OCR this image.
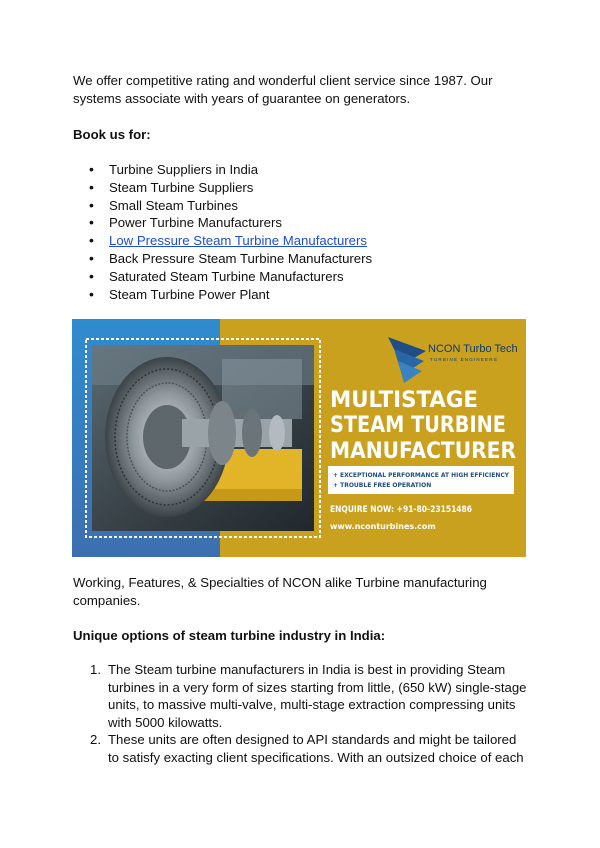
We offer competitive rating and wonderful client service since 1987. Our systems associate with years of guarantee on generators.

Book us for:

• Turbine Suppliers in India
• Steam Turbine Suppliers
• Small Steam Turbines
• Power Turbine Manufacturers
• Low Pressure Steam Turbine Manufacturers
• Back Pressure Steam Turbine Manufacturers
• Saturated Steam Turbine Manufacturers
• Steam Turbine Power Plant
NCON Turbo Tech
TURBINE ENGINEERS
MULTISTAGE
STEAM TURBINE
MANUFACTURER
+ EXCEPTIONAL PERFORMANCE AT HIGH EFFICIENCY
+ TROUBLE FREE OPERATION
ENQUIRE NOW: +91-80-23151486
www.nconturbines.com

Working, Features, & Specialties of NCON alike Turbine manufacturing companies.

Unique options of steam turbine industry in India:

1. The Steam turbine manufacturers in India is best in providing Steam turbines in a very form of sizes starting from little, (650 kW) single-stage units, to massive multi-valve, multi-stage extraction compressing units with 5000 kilowatts.
2. These units are often designed to API standards and might be tailored to satisfy exacting client specifications. With an outsized choice of each
